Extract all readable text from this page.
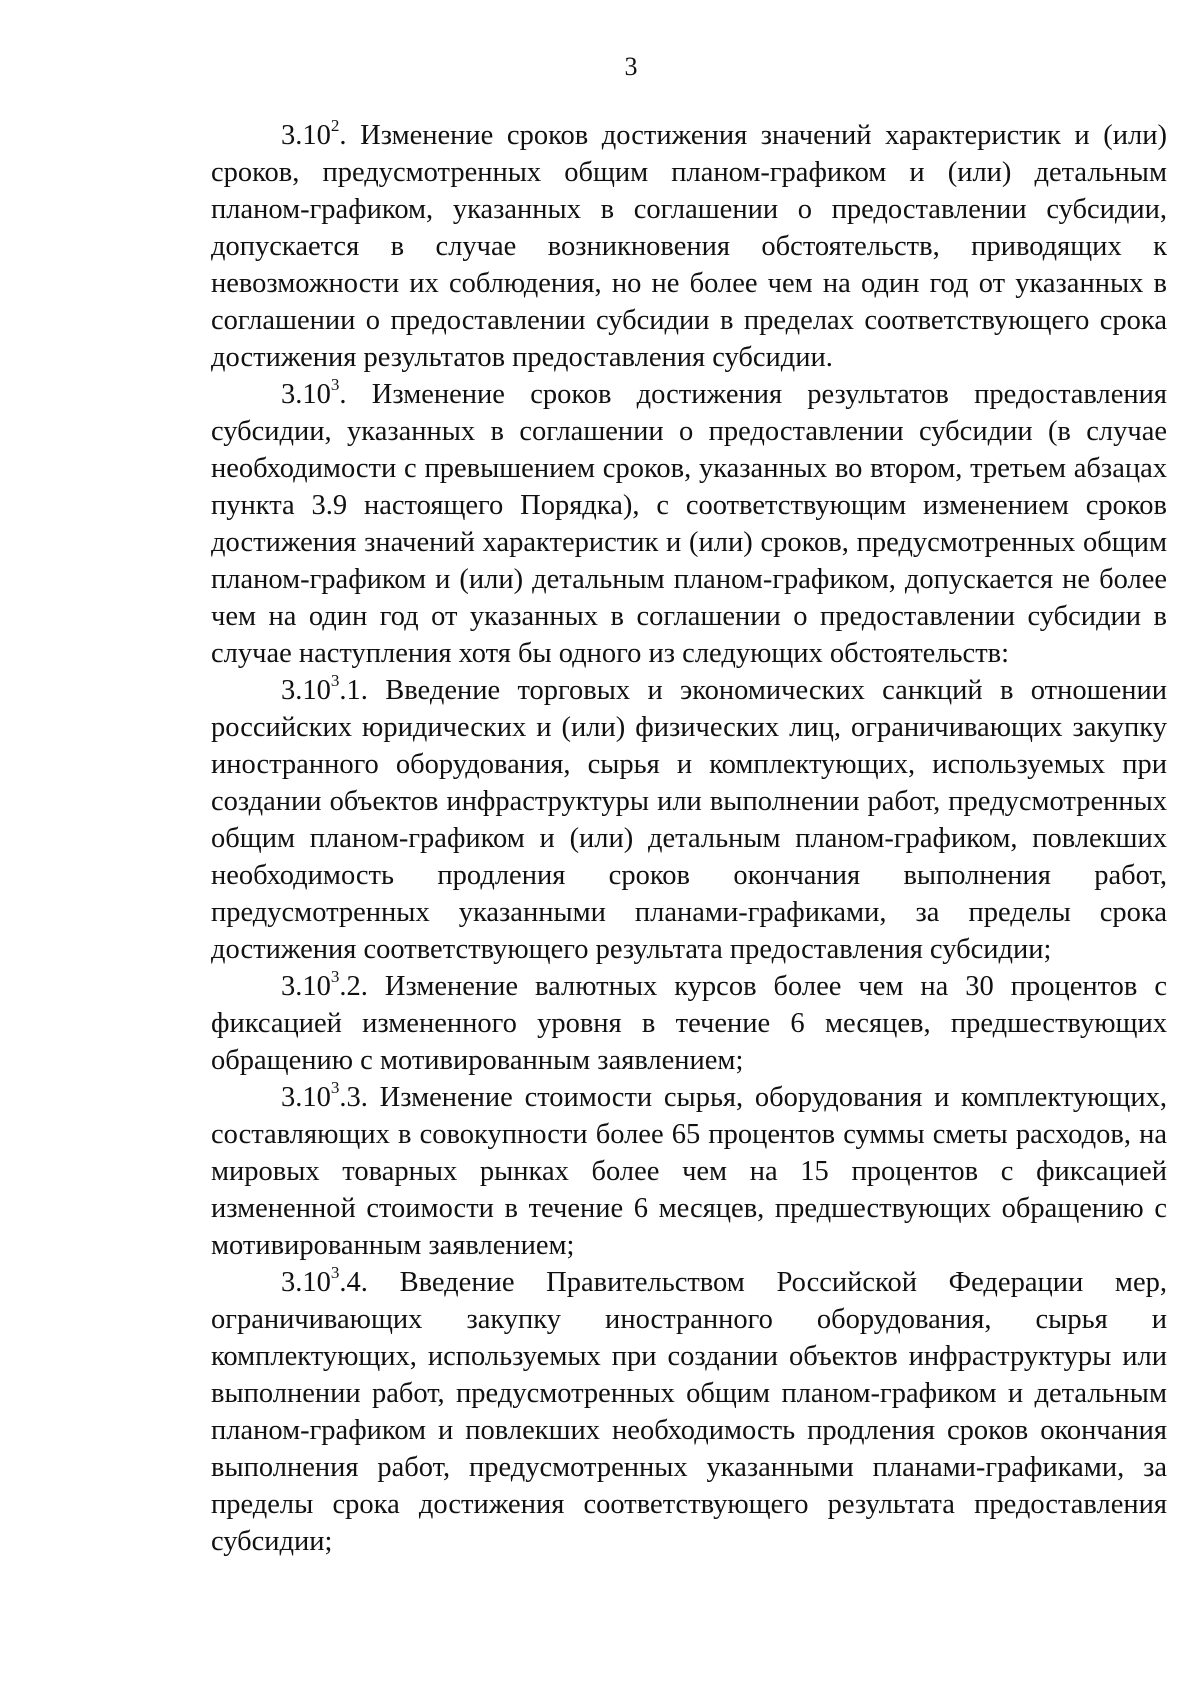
3

3.10$^2$. Изменение сроков достижения значений характеристик и (или) сроков, предусмотренных общим планом-графиком и (или) детальным планом-графиком, указанных в соглашении о предоставлении субсидии, допускается в случае возникновения обстоятельств, приводящих к невозможности их соблюдения, но не более чем на один год от указанных в соглашении о предоставлении субсидии в пределах соответствующего срока достижения результатов предоставления субсидии.

3.10$^3$. Изменение сроков достижения результатов предоставления субсидии, указанных в соглашении о предоставлении субсидии (в случае необходимости с превышением сроков, указанных во втором, третьем абзацах пункта 3.9 настоящего Порядка), с соответствующим изменением сроков достижения значений характеристик и (или) сроков, предусмотренных общим планом-графиком и (или) детальным планом-графиком, допускается не более чем на один год от указанных в соглашении о предоставлении субсидии в случае наступления хотя бы одного из следующих обстоятельств:

3.10$^3$.1. Введение торговых и экономических санкций в отношении российских юридических и (или) физических лиц, ограничивающих закупку иностранного оборудования, сырья и комплектующих, используемых при создании объектов инфраструктуры или выполнении работ, предусмотренных общим планом-графиком и (или) детальным планом-графиком, повлекших необходимость продления сроков окончания выполнения работ, предусмотренных указанными планами-графиками, за пределы срока достижения соответствующего результата предоставления субсидии;

3.10$^3$.2. Изменение валютных курсов более чем на 30 процентов с фиксацией измененного уровня в течение 6 месяцев, предшествующих обращению с мотивированным заявлением;

3.10$^3$.3. Изменение стоимости сырья, оборудования и комплектующих, составляющих в совокупности более 65 процентов суммы сметы расходов, на мировых товарных рынках более чем на 15 процентов с фиксацией измененной стоимости в течение 6 месяцев, предшествующих обращению с мотивированным заявлением;

3.10$^3$.4. Введение Правительством Российской Федерации мер, ограничивающих закупку иностранного оборудования, сырья и комплектующих, используемых при создании объектов инфраструктуры или выполнении работ, предусмотренных общим планом-графиком и детальным планом-графиком и повлекших необходимость продления сроков окончания выполнения работ, предусмотренных указанными планами-графиками, за пределы срока достижения соответствующего результата предоставления субсидии;
